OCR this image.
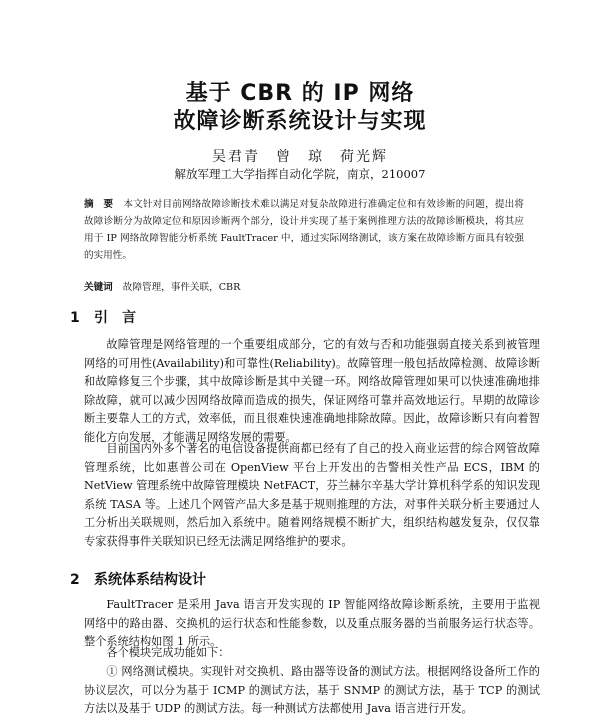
基于 CBR 的 IP 网络
故障诊断系统设计与实现
吴君青　曾　琼　荷光辉
解放军理工大学指挥自动化学院，南京，210007
摘　要 本文针对目前网络故障诊断技术难以满足对复杂故障进行准确定位和有效诊断的问题，提出将故障诊断分为故障定位和原因诊断两个部分，设计并实现了基于案例推理方法的故障诊断模块，将其应用于 IP 网络故障智能分析系统 FaultTracer 中，通过实际网络测试，该方案在故障诊断方面具有较强的实用性。
关键词 故障管理，事件关联，CBR
1 引言

故障管理是网络管理的一个重要组成部分，它的有效与否和功能强弱直接关系到被管理网络的可用性(Availability)和可靠性(Reliability)。故障管理一般包括故障检测、故障诊断和故障修复三个步骤，其中故障诊断是其中关键一环。网络故障管理如果可以快速准确地排除故障，就可以减少因网络故障而造成的损失，保证网络可靠并高效地运行。早期的故障诊断主要靠人工的方式，效率低，而且很难快速准确地排除故障。因此，故障诊断只有向着智能化方向发展，才能满足网络发展的需要。

目前国内外多个著名的电信设备提供商都已经有了自己的投入商业运营的综合网管故障管理系统，比如惠普公司在 OpenView 平台上开发出的告警相关性产品 ECS，IBM 的 NetView 管理系统中故障管理模块 NetFACT，芬兰赫尔辛基大学计算机科学系的知识发现系统 TASA 等。上述几个网管产品大多是基于规则推理的方法，对事件关联分析主要通过人工分析出关联规则，然后加入系统中。随着网络规模不断扩大，组织结构越发复杂，仅仅靠专家获得事件关联知识已经无法满足网络维护的要求。

2 系统体系结构设计

FaultTracer 是采用 Java 语言开发实现的 IP 智能网络故障诊断系统，主要用于监视网络中的路由器、交换机的运行状态和性能参数，以及重点服务器的当前服务运行状态等。整个系统结构如图 1 所示。

各个模块完成功能如下：

① 网络测试模块。实现针对交换机、路由器等设备的测试方法。根据网络设备所工作的协议层次，可以分为基于 ICMP 的测试方法，基于 SNMP 的测试方法，基于 TCP 的测试方法以及基于 UDP 的测试方法。每一种测试方法都使用 Java 语言进行开发。
